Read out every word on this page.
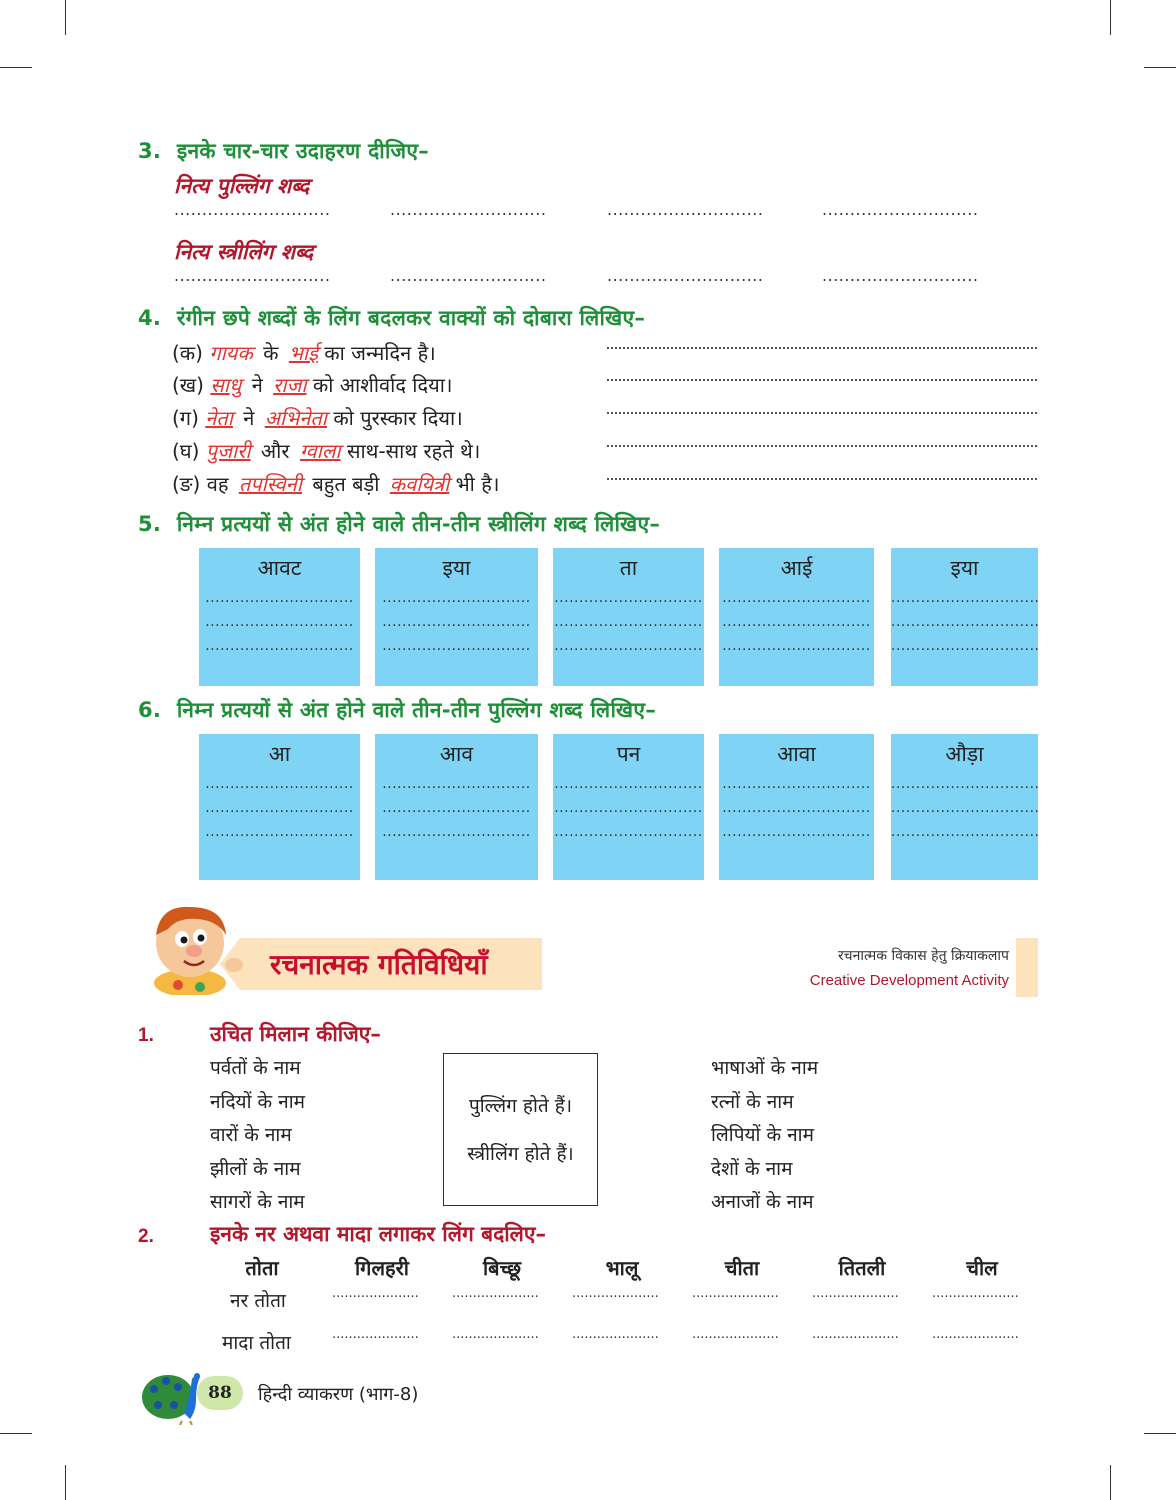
3. इनके चार-चार उदाहरण दीजिए–
नित्य पुल्लिंग शब्द
............................	............................	............................	............................
नित्य स्त्रीलिंग शब्द
............................	............................	............................	............................
4. रंगीन छपे शब्दों के लिंग बदलकर वाक्यों को दोबारा लिखिए–
(क) गायक के भाई का जन्मदिन है।
(ख) साधु ने राजा को आशीर्वाद दिया।
(ग) नेता ने अभिनेता को पुरस्कार दिया।
(घ) पुजारी और ग्वाला साथ-साथ रहते थे।
(ङ) वह तपस्विनी बहुत बड़ी कवयित्री भी है।
5. निम्न प्रत्ययों से अंत होने वाले तीन-तीन स्त्रीलिंग शब्द लिखिए–
आवट
..............................
..............................
..............................
इया
..............................
..............................
..............................
ता
..............................
..............................
..............................
आई
..............................
..............................
..............................
इया
..............................
..............................
..............................
6. निम्न प्रत्ययों से अंत होने वाले तीन-तीन पुल्लिंग शब्द लिखिए–
आ
..............................
..............................
..............................
आव
..............................
..............................
..............................
पन
..............................
..............................
..............................
आवा
..............................
..............................
..............................
औड़ा
..............................
..............................
..............................
रचनात्मक गतिविधियाँ	रचनात्मक विकास हेतु क्रियाकलाप
Creative Development Activity
1.	उचित मिलान कीजिए–
पर्वतों के नाम
नदियों के नाम
वारों के नाम
झीलों के नाम
सागरों के नाम
पुल्लिंग होते हैं।
स्त्रीलिंग होते हैं।
भाषाओं के नाम
रत्नों के नाम
लिपियों के नाम
देशों के नाम
अनाजों के नाम
2.	इनके नर अथवा मादा लगाकर लिंग बदलिए–
तोता	गिलहरी	बिच्छू	भालू	चीता	तितली	चील
नर तोता	.....................	.....................	.....................	.....................	.....................	.....................
मादा तोता	.....................	.....................	.....................	.....................	.....................	.....................
88	हिन्दी व्याकरण (भाग-8)
